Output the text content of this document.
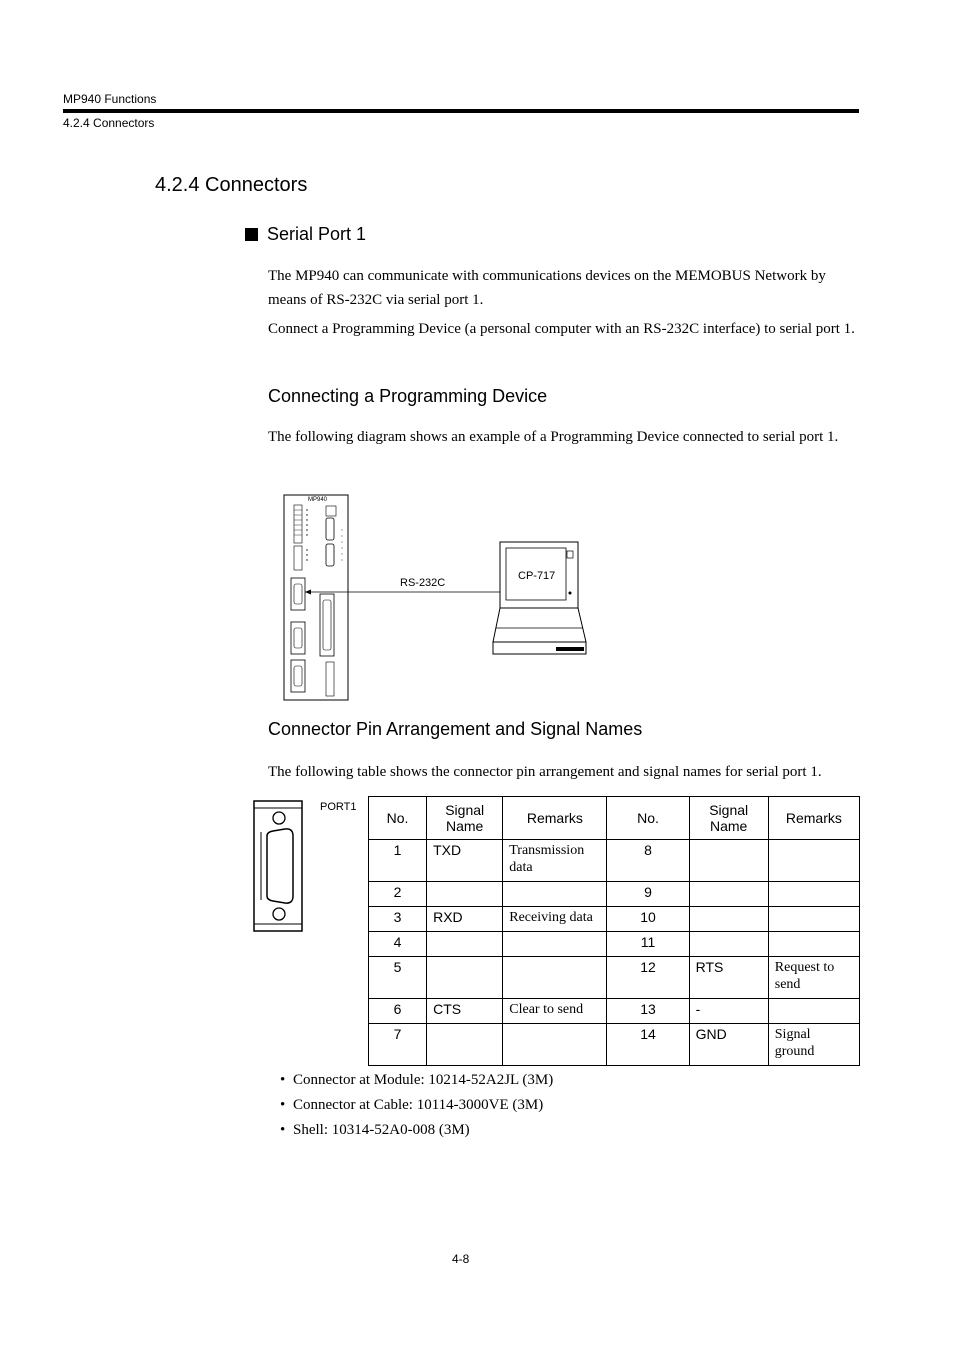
MP940 Functions
4.2.4 Connectors
4.2.4 Connectors
Serial Port 1
The MP940 can communicate with communications devices on the MEMOBUS Network by means of RS-232C via serial port 1.
Connect a Programming Device (a personal computer with an RS-232C interface) to serial port 1.
Connecting a Programming Device
The following diagram shows an example of a Programming Device connected to serial port 1.
MP940
RS-232C
CP-717
Connector Pin Arrangement and Signal Names
The following table shows the connector pin arrangement and signal names for serial port 1.
PORT1
No.	Signal Name	Remarks	No.	Signal Name	Remarks
1	TXD	Transmission data	8		
2			9		
3	RXD	Receiving data	10		
4			11		
5			12	RTS	Request to send
6	CTS	Clear to send	13	-	
7			14	GND	Signal ground
• Connector at Module: 10214-52A2JL (3M)
• Connector at Cable: 10114-3000VE (3M)
• Shell: 10314-52A0-008 (3M)
4-8
